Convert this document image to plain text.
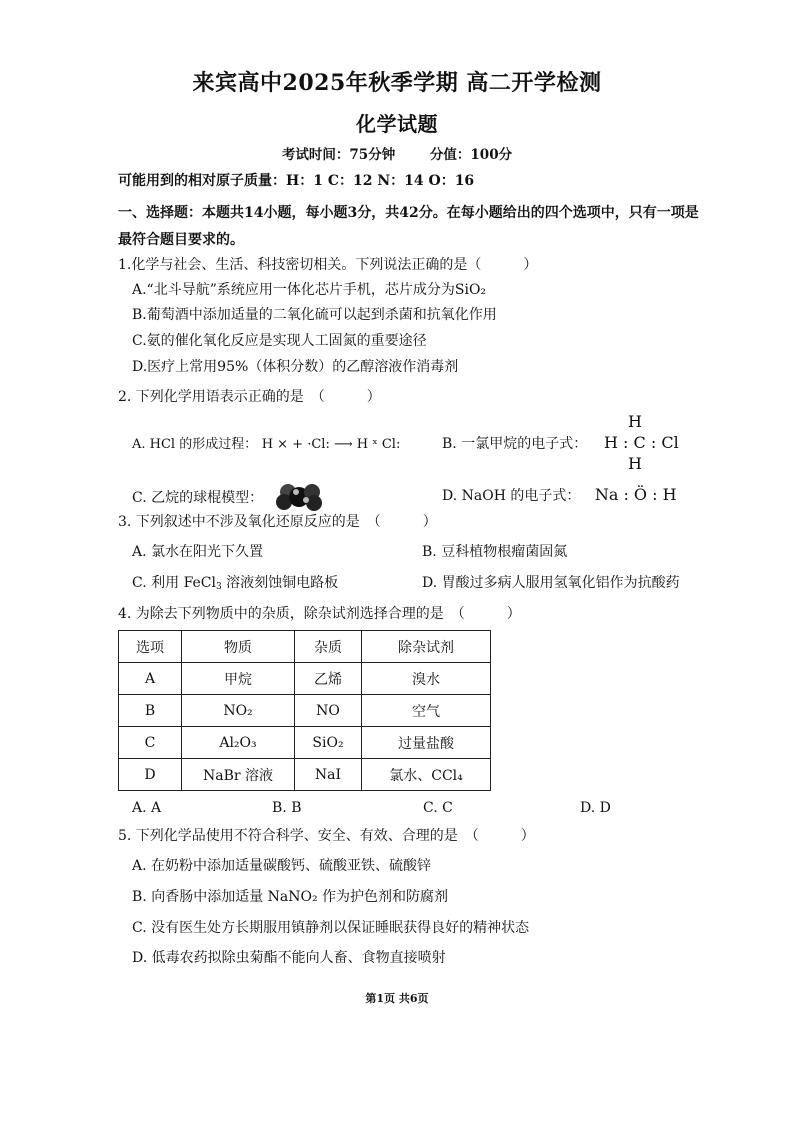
来宾高中2025年秋季学期 高二开学检测
化学试题
考试时间：75分钟	分值：100分
可能用到的相对原子质量：H：1 C：12 N：14 O：16
一、选择题：本题共14小题，每小题3分，共42分。在每小题给出的四个选项中，只有一项是
最符合题目要求的。
1.化学与社会、生活、科技密切相关。下列说法正确的是（　　　）
A.“北斗导航”系统应用一体化芯片手机，芯片成分为SiO₂
B.葡萄酒中添加适量的二氧化硫可以起到杀菌和抗氧化作用
C.氨的催化氧化反应是实现人工固氮的重要途径
D.医疗上常用95%（体积分数）的乙醇溶液作消毒剂
2. 下列化学用语表示正确的是　（　　　）
A. HCl 的形成过程： H × + ·Cl: ⟶ H ˣ Cl:	B. 一氯甲烷的电子式：
H
H : C : Cl
H
C. 乙烷的球棍模型：	D. NaOH 的电子式： Na : Ö : H
3. 下列叙述中不涉及氧化还原反应的是　（　　　）
A. 氯水在阳光下久置	B. 豆科植物根瘤菌固氮
C. 利用 FeCl$_3$ 溶液刻蚀铜电路板	D. 胃酸过多病人服用氢氧化铝作为抗酸药
4. 为除去下列物质中的杂质，除杂试剂选择合理的是　（　　　）
选项	物质	杂质	除杂试剂
A	甲烷	乙烯	溴水
B	NO₂	NO	空气
C	Al₂O₃	SiO₂	过量盐酸
D	NaBr 溶液	NaI	氯水、CCl₄
A. A	B. B	C. C	D. D
5. 下列化学品使用不符合科学、安全、有效、合理的是　（　　　）
A. 在奶粉中添加适量碳酸钙、硫酸亚铁、硫酸锌
B. 向香肠中添加适量 NaNO₂ 作为护色剂和防腐剂
C. 没有医生处方长期服用镇静剂以保证睡眠获得良好的精神状态
D. 低毒农药拟除虫菊酯不能向人畜、食物直接喷射
第1页 共6页
